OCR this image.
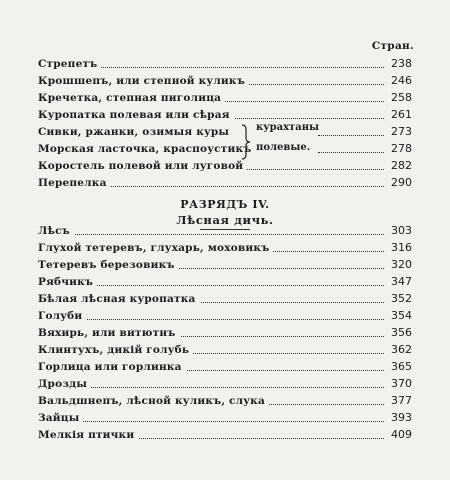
Стран.
Стрепетъ	238
Крошшепъ, или степной куликъ	246
Кречетка, степная пиголица	258
Куропатка полевая или сѣрая	261
Сивки, ржанки, озимыя куры	273
Морская ласточка, краспоустикъ	278
Коростель полевой или луговой	282
Перепелка	290
курахтаны
полевые.
РАЗРЯДЪ IV.
Лѣсная дичь.
Лѣсъ	303
Глухой тетеревъ, глухарь, моховикъ	316
Тетеревъ березовикъ	320
Рябчикъ	347
Бѣлая лѣсная куропатка	352
Голуби	354
Вяхирь, или витютнъ	356
Клинтухъ, дикій голубь	362
Горлица или горлинка	365
Дрозды	370
Вальдшнепъ, лѣсной куликъ, слука	377
Зайцы	393
Мелкія птички	409
